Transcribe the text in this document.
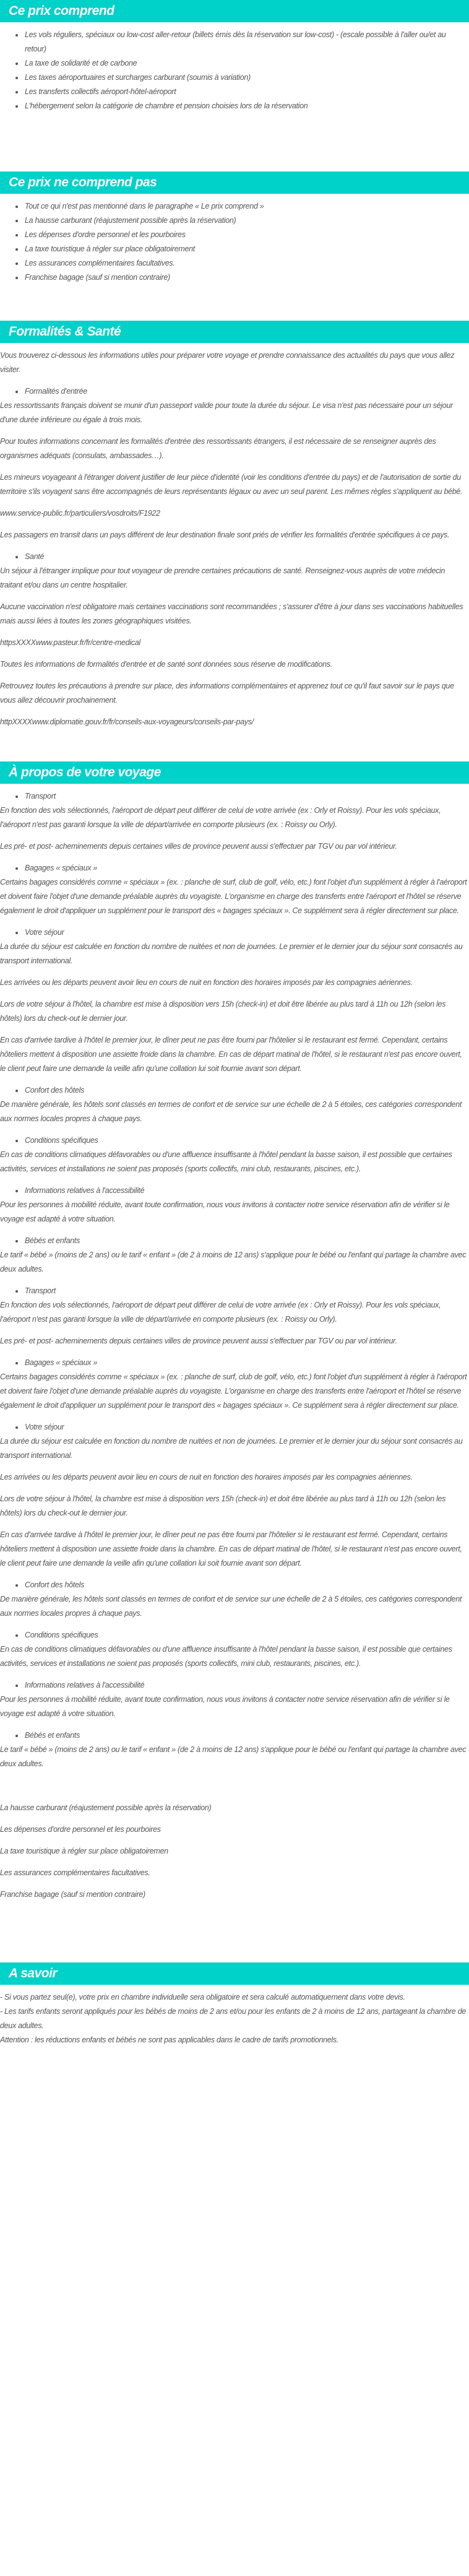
Ce prix comprend
Les vols réguliers, spéciaux ou low-cost aller-retour (billets émis dès la réservation sur low-cost) - (escale possible à l'aller ou/et au retour)
La taxe de solidarité et de carbone
Les taxes aéroportuaires et surcharges carburant (soumis à variation)
Les transferts collectifs aéroport-hôtel-aéroport
L'hébergement selon la catégorie de chambre et pension choisies lors de la réservation
Ce prix ne comprend pas
Tout ce qui n'est pas mentionné dans le paragraphe « Le prix comprend »
La hausse carburant (réajustement possible après la réservation)
Les dépenses d'ordre personnel et les pourboires
La taxe touristique à régler sur place obligatoirement
Les assurances complémentaires facultatives.
Franchise bagage (sauf si mention contraire)
Formalités & Santé

Vous trouverez ci-dessous les informations utiles pour préparer votre voyage et prendre connaissance des actualités du pays que vous allez visiter.

Formalités d'entrée

Les ressortissants français doivent se munir d'un passeport valide pour toute la durée du séjour. Le visa n'est pas nécessaire pour un séjour d'une durée inférieure ou égale à trois mois.

Pour toutes informations concernant les formalités d'entrée des ressortissants étrangers, il est nécessaire de se renseigner auprès des organismes adéquats (consulats, ambassades…).

Les mineurs voyageant à l'étranger doivent justifier de leur pièce d'identité (voir les conditions d'entrée du pays) et de l'autorisation de sortie du territoire s'ils voyagent sans être accompagnés de leurs représentants légaux ou avec un seul parent. Les mêmes règles s'appliquent au bébé.

www.service-public.fr/particuliers/vosdroits/F1922

Les passagers en transit dans un pays différent de leur destination finale sont priés de vérifier les formalités d'entrée spécifiques à ce pays.

Santé

Un séjour à l'étranger implique pour tout voyageur de prendre certaines précautions de santé. Renseignez-vous auprès de votre médecin traitant et/ou dans un centre hospitalier.

Aucune vaccination n'est obligatoire mais certaines vaccinations sont recommandées ; s'assurer d'être à jour dans ses vaccinations habituelles mais aussi liées à toutes les zones géographiques visitées.

httpsXXXXwww.pasteur.fr/fr/centre-medical

Toutes les informations de formalités d'entrée et de santé sont données sous réserve de modifications.

Retrouvez toutes les précautions à prendre sur place, des informations complémentaires et apprenez tout ce qu'il faut savoir sur le pays que vous allez découvrir prochainement.

httpXXXXwww.diplomatie.gouv.fr/fr/conseils-aux-voyageurs/conseils-par-pays/

À propos de votre voyage
Transport

En fonction des vols sélectionnés, l'aéroport de départ peut différer de celui de votre arrivée (ex : Orly et Roissy). Pour les vols spéciaux, l'aéroport n'est pas garanti lorsque la ville de départ/arrivée en comporte plusieurs (ex. : Roissy ou Orly).

Les pré- et post- acheminements depuis certaines villes de province peuvent aussi s'effectuer par TGV ou par vol intérieur.

Bagages « spéciaux »

Certains bagages considérés comme « spéciaux » (ex. : planche de surf, club de golf, vélo, etc.) font l'objet d'un supplément à régler à l'aéroport et doivent faire l'objet d'une demande préalable auprès du voyagiste. L'organisme en charge des transferts entre l'aéroport et l'hôtel se réserve également le droit d'appliquer un supplément pour le transport des « bagages spéciaux ». Ce supplément sera à régler directement sur place.

Votre séjour

La durée du séjour est calculée en fonction du nombre de nuitées et non de journées. Le premier et le dernier jour du séjour sont consacrés au transport international.

Les arrivées ou les départs peuvent avoir lieu en cours de nuit en fonction des horaires imposés par les compagnies aériennes.

Lors de votre séjour à l'hôtel, la chambre est mise à disposition vers 15h (check-in) et doit être libérée au plus tard à 11h ou 12h (selon les hôtels) lors du check-out le dernier jour.

En cas d'arrivée tardive à l'hôtel le premier jour, le dîner peut ne pas être fourni par l'hôtelier si le restaurant est fermé. Cependant, certains hôteliers mettent à disposition une assiette froide dans la chambre. En cas de départ matinal de l'hôtel, si le restaurant n'est pas encore ouvert, le client peut faire une demande la veille afin qu'une collation lui soit fournie avant son départ.

Confort des hôtels

De manière générale, les hôtels sont classés en termes de confort et de service sur une échelle de 2 à 5 étoiles, ces catégories correspondent aux normes locales propres à chaque pays.

Conditions spécifiques

En cas de conditions climatiques défavorables ou d'une affluence insuffisante à l'hôtel pendant la basse saison, il est possible que certaines activités, services et installations ne soient pas proposés (sports collectifs, mini club, restaurants, piscines, etc.).

Informations relatives à l'accessibilité

Pour les personnes à mobilité réduite, avant toute confirmation, nous vous invitons à contacter notre service réservation afin de vérifier si le voyage est adapté à votre situation.

Bébés et enfants

Le tarif « bébé » (moins de 2 ans) ou le tarif « enfant » (de 2 à moins de 12 ans) s'applique pour le bébé ou l'enfant qui partage la chambre avec deux adultes.

Transport

En fonction des vols sélectionnés, l'aéroport de départ peut différer de celui de votre arrivée (ex : Orly et Roissy). Pour les vols spéciaux, l'aéroport n'est pas garanti lorsque la ville de départ/arrivée en comporte plusieurs (ex. : Roissy ou Orly).

Les pré- et post- acheminements depuis certaines villes de province peuvent aussi s'effectuer par TGV ou par vol intérieur.

Bagages « spéciaux »

Certains bagages considérés comme « spéciaux » (ex. : planche de surf, club de golf, vélo, etc.) font l'objet d'un supplément à régler à l'aéroport et doivent faire l'objet d'une demande préalable auprès du voyagiste. L'organisme en charge des transferts entre l'aéroport et l'hôtel se réserve également le droit d'appliquer un supplément pour le transport des « bagages spéciaux ». Ce supplément sera à régler directement sur place.

Votre séjour

La durée du séjour est calculée en fonction du nombre de nuitées et non de journées. Le premier et le dernier jour du séjour sont consacrés au transport international.

Les arrivées ou les départs peuvent avoir lieu en cours de nuit en fonction des horaires imposés par les compagnies aériennes.

Lors de votre séjour à l'hôtel, la chambre est mise à disposition vers 15h (check-in) et doit être libérée au plus tard à 11h ou 12h (selon les hôtels) lors du check-out le dernier jour.

En cas d'arrivée tardive à l'hôtel le premier jour, le dîner peut ne pas être fourni par l'hôtelier si le restaurant est fermé. Cependant, certains hôteliers mettent à disposition une assiette froide dans la chambre. En cas de départ matinal de l'hôtel, si le restaurant n'est pas encore ouvert, le client peut faire une demande la veille afin qu'une collation lui soit fournie avant son départ.

Confort des hôtels

De manière générale, les hôtels sont classés en termes de confort et de service sur une échelle de 2 à 5 étoiles, ces catégories correspondent aux normes locales propres à chaque pays.

Conditions spécifiques

En cas de conditions climatiques défavorables ou d'une affluence insuffisante à l'hôtel pendant la basse saison, il est possible que certaines activités, services et installations ne soient pas proposés (sports collectifs, mini club, restaurants, piscines, etc.).

Informations relatives à l'accessibilité

Pour les personnes à mobilité réduite, avant toute confirmation, nous vous invitons à contacter notre service réservation afin de vérifier si le voyage est adapté à votre situation.

Bébés et enfants

Le tarif « bébé » (moins de 2 ans) ou le tarif « enfant » (de 2 à moins de 12 ans) s'applique pour le bébé ou l'enfant qui partage la chambre avec deux adultes.

La hausse carburant (réajustement possible après la réservation)

Les dépenses d'ordre personnel et les pourboires

La taxe touristique à régler sur place obligatoiremen

Les assurances complémentaires facultatives.

Franchise bagage (sauf si mention contraire)

A savoir

- Si vous partez seul(e), votre prix en chambre individuelle sera obligatoire et sera calculé automatiquement dans votre devis.

- Les tarifs enfants seront appliqués pour les bébés de moins de 2 ans et/ou pour les enfants de 2 à moins de 12 ans, partageant la chambre de deux adultes.

Attention : les réductions enfants et bébés ne sont pas applicables dans le cadre de tarifs promotionnels.
